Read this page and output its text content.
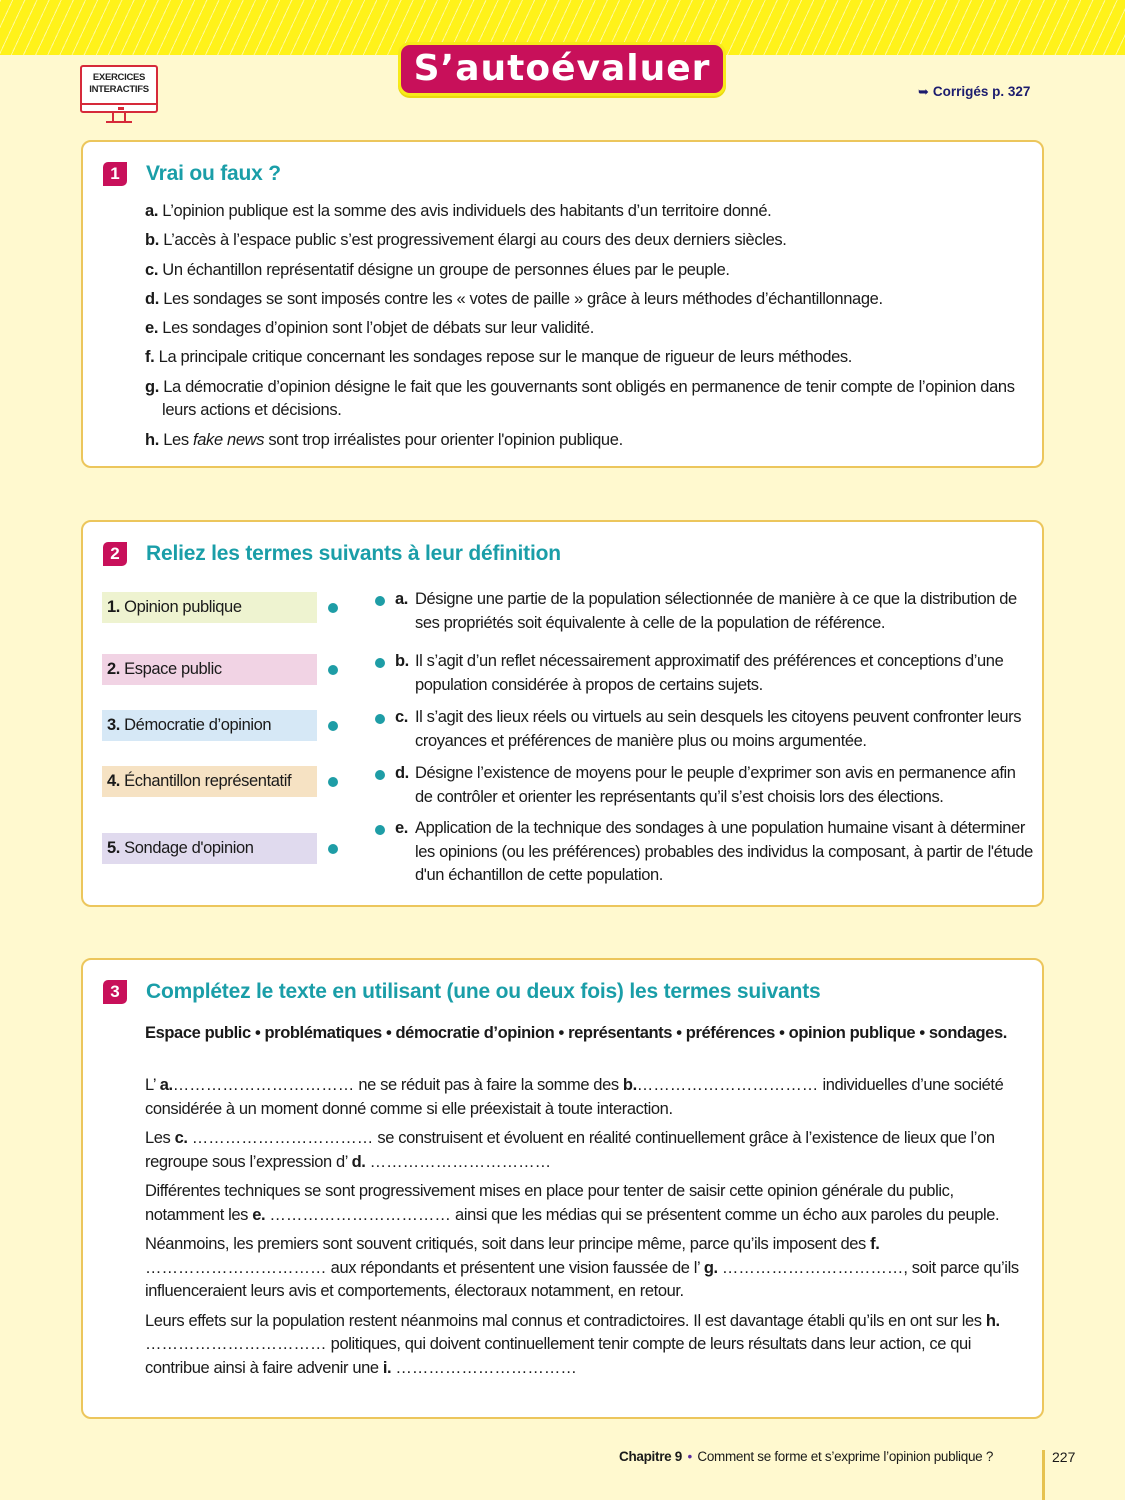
EXERCICES
INTERACTIFS
S’autoévaluer
➥ Corrigés p. 327
1	Vrai ou faux ?
a. L’opinion publique est la somme des avis individuels des habitants d’un territoire donné.
b. L’accès à l’espace public s’est progressivement élargi au cours des deux derniers siècles.
c. Un échantillon représentatif désigne un groupe de personnes élues par le peuple.
d. Les sondages se sont imposés contre les « votes de paille » grâce à leurs méthodes d’échantillonnage.
e. Les sondages d’opinion sont l’objet de débats sur leur validité.
f. La principale critique concernant les sondages repose sur le manque de rigueur de leurs méthodes.
g. La démocratie d’opinion désigne le fait que les gouvernants sont obligés en permanence de tenir compte de l’opinion dans leurs actions et décisions.
h. Les fake news sont trop irréalistes pour orienter l'opinion publique.
2	Reliez les termes suivants à leur définition
1. Opinion publique
2. Espace public
3. Démocratie d’opinion
4. Échantillon représentatif
5. Sondage d'opinion
a. Désigne une partie de la population sélectionnée de manière à ce que la distribution de ses propriétés soit équivalente à celle de la population de référence.
b. Il s’agit d’un reflet nécessairement approximatif des préférences et conceptions d’une population considérée à propos de certains sujets.
c. Il s’agit des lieux réels ou virtuels au sein desquels les citoyens peuvent confronter leurs croyances et préférences de manière plus ou moins argumentée.
d. Désigne l’existence de moyens pour le peuple d’exprimer son avis en permanence afin de contrôler et orienter les représentants qu’il s’est choisis lors des élections.
e. Application de la technique des sondages à une population humaine visant à déterminer les opinions (ou les préférences) probables des individus la composant, à partir de l'étude d'un échantillon de cette population.
3	Complétez le texte en utilisant (une ou deux fois) les termes suivants
Espace public • problématiques • démocratie d’opinion • représentants • préférences • opinion publique • sondages.
L’ a.…………………………… ne se réduit pas à faire la somme des b.…………………………… individuelles d’une société considérée à un moment donné comme si elle préexistait à toute interaction.
Les c. …………………………… se construisent et évoluent en réalité continuellement grâce à l’existence de lieux que l’on regroupe sous l’expression d’ d. ……………………………
Différentes techniques se sont progressivement mises en place pour tenter de saisir cette opinion générale du public, notamment les e. …………………………… ainsi que les médias qui se présentent comme un écho aux paroles du peuple.
Néanmoins, les premiers sont souvent critiqués, soit dans leur principe même, parce qu’ils imposent des f. …………………………… aux répondants et présentent une vision faussée de l’ g. ……………………………, soit parce qu’ils influenceraient leurs avis et comportements, électoraux notamment, en retour.
Leurs effets sur la population restent néanmoins mal connus et contradictoires. Il est davantage établi qu’ils en ont sur les h. …………………………… politiques, qui doivent continuellement tenir compte de leurs résultats dans leur action, ce qui contribue ainsi à faire advenir une i. ……………………………
Chapitre 9 • Comment se forme et s’exprime l’opinion publique ?	227
